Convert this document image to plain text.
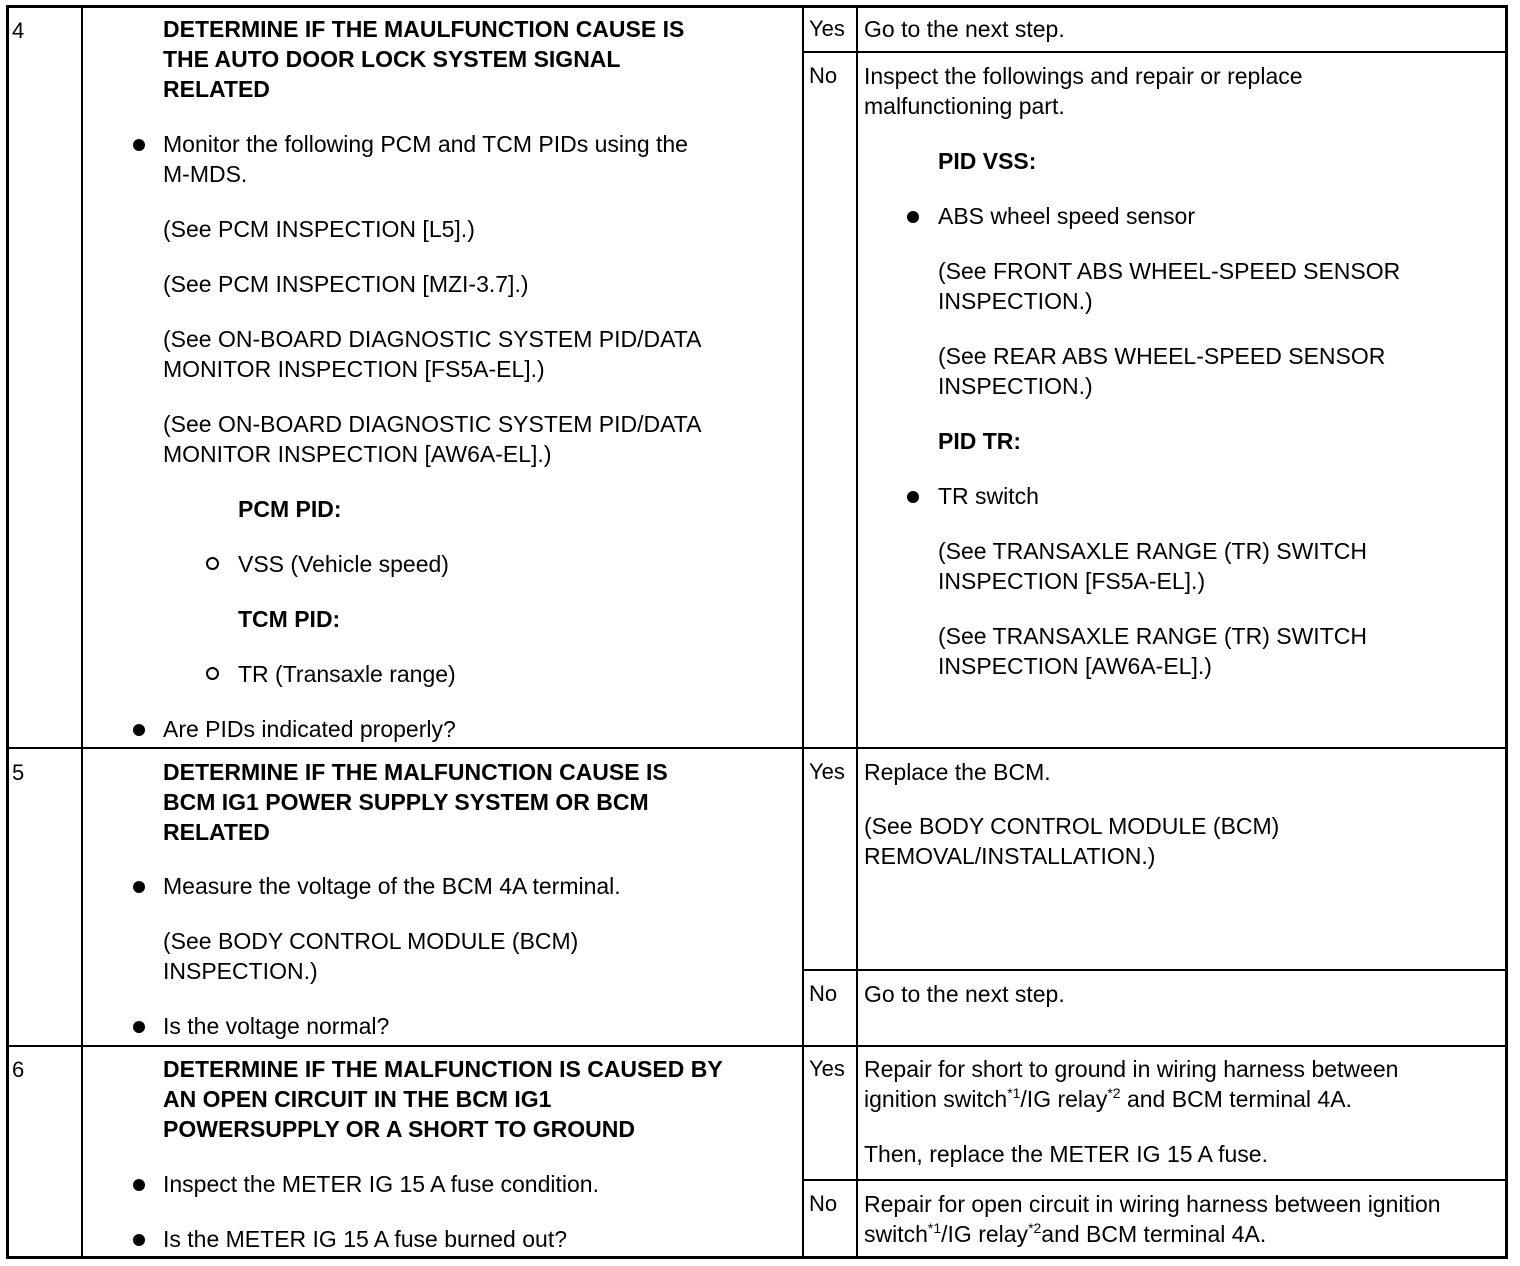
4	DETERMINE IF THE MAULFUNCTION CAUSE IS
THE AUTO DOOR LOCK SYSTEM SIGNAL
RELATED
Monitor the following PCM and TCM PIDs using the
M-MDS.
(See PCM INSPECTION [L5].)
(See PCM INSPECTION [MZI-3.7].)
(See ON-BOARD DIAGNOSTIC SYSTEM PID/DATA
MONITOR INSPECTION [FS5A-EL].)
(See ON-BOARD DIAGNOSTIC SYSTEM PID/DATA
MONITOR INSPECTION [AW6A-EL].)
PCM PID:
VSS (Vehicle speed)
TCM PID:
TR (Transaxle range)
Are PIDs indicated properly?
Yes Go to the next step.
No Inspect the followings and repair or replace
malfunctioning part.
PID VSS:
ABS wheel speed sensor
(See FRONT ABS WHEEL-SPEED SENSOR
INSPECTION.)
(See REAR ABS WHEEL-SPEED SENSOR
INSPECTION.)
PID TR:
TR switch
(See TRANSAXLE RANGE (TR) SWITCH
INSPECTION [FS5A-EL].)
(See TRANSAXLE RANGE (TR) SWITCH
INSPECTION [AW6A-EL].)
5	DETERMINE IF THE MALFUNCTION CAUSE IS
BCM IG1 POWER SUPPLY SYSTEM OR BCM
RELATED
Measure the voltage of the BCM 4A terminal.
(See BODY CONTROL MODULE (BCM)
INSPECTION.)
Is the voltage normal?
Yes Replace the BCM.
(See BODY CONTROL MODULE (BCM)
REMOVAL/INSTALLATION.)
No Go to the next step.
6	DETERMINE IF THE MALFUNCTION IS CAUSED BY
AN OPEN CIRCUIT IN THE BCM IG1
POWERSUPPLY OR A SHORT TO GROUND
Inspect the METER IG 15 A fuse condition.
Is the METER IG 15 A fuse burned out?
Yes Repair for short to ground in wiring harness between
ignition switch$^{*1}$/IG relay$^{*2}$ and BCM terminal 4A.
Then, replace the METER IG 15 A fuse.
No Repair for open circuit in wiring harness between ignition
switch$^{*1}$/IG relay$^{*2}$and BCM terminal 4A.
